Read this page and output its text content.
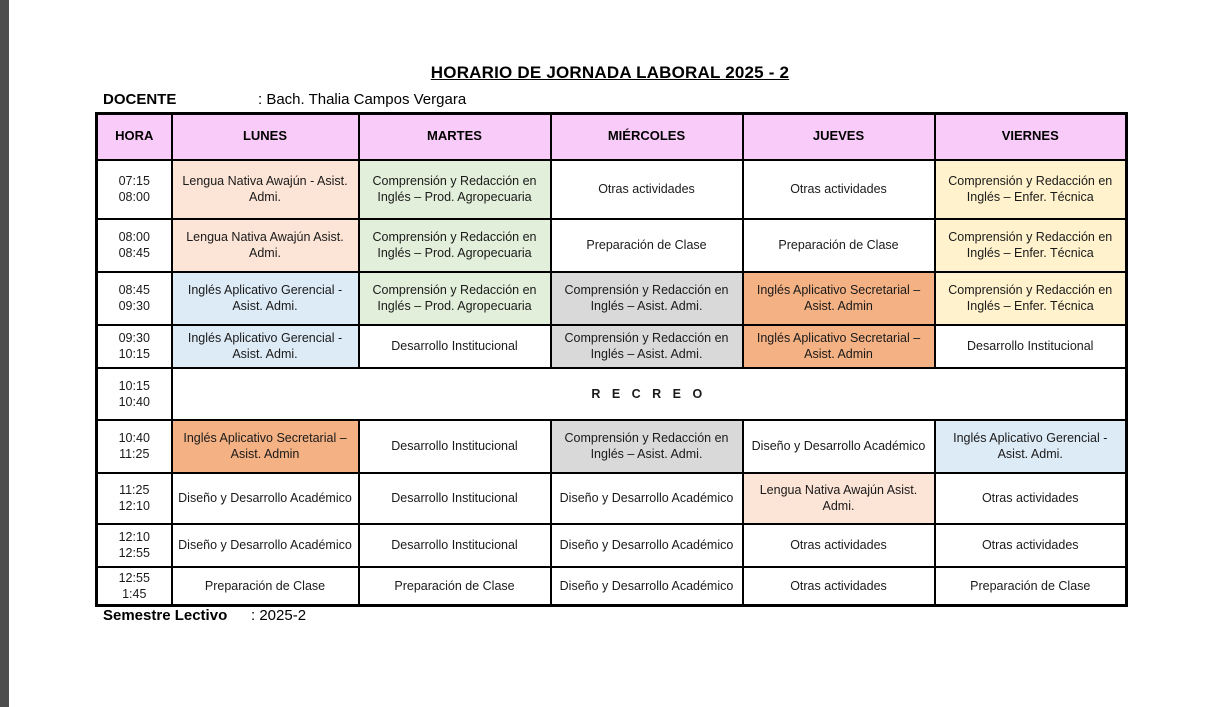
HORARIO DE JORNADA LABORAL 2025 - 2
DOCENTE	: Bach. Thalia Campos Vergara
HORA	LUNES	MARTES	MIÉRCOLES	JUEVES	VIERNES

07:15
08:00	Lengua Nativa Awajún - Asist. Admi.	Comprensión y Redacción en Inglés – Prod. Agropecuaria	Otras actividades	Otras actividades	Comprensión y Redacción en Inglés – Enfer. Técnica

08:00
08:45	Lengua Nativa Awajún Asist. Admi.	Comprensión y Redacción en Inglés – Prod. Agropecuaria	Preparación de Clase	Preparación de Clase	Comprensión y Redacción en Inglés – Enfer. Técnica

08:45
09:30	Inglés Aplicativo Gerencial - Asist. Admi.	Comprensión y Redacción en Inglés – Prod. Agropecuaria	Comprensión y Redacción en Inglés – Asist. Admi.	Inglés Aplicativo Secretarial – Asist. Admin	Comprensión y Redacción en Inglés – Enfer. Técnica

09:30
10:15	Inglés Aplicativo Gerencial - Asist. Admi.	Desarrollo Institucional	Comprensión y Redacción en Inglés – Asist. Admi.	Inglés Aplicativo Secretarial – Asist. Admin	Desarrollo Institucional

10:15
10:40	R E C R E O				

10:40
11:25	Inglés Aplicativo Secretarial – Asist. Admin	Desarrollo Institucional	Comprensión y Redacción en Inglés – Asist. Admi.	Diseño y Desarrollo Académico	Inglés Aplicativo Gerencial - Asist. Admi.

11:25
12:10	Diseño y Desarrollo Académico	Desarrollo Institucional	Diseño y Desarrollo Académico	Lengua Nativa Awajún Asist. Admi.	Otras actividades

12:10
12:55	Diseño y Desarrollo Académico	Desarrollo Institucional	Diseño y Desarrollo Académico	Otras actividades	Otras actividades

12:55
1:45	Preparación de Clase	Preparación de Clase	Diseño y Desarrollo Académico	Otras actividades	Preparación de Clase
Semestre Lectivo : 2025-2
